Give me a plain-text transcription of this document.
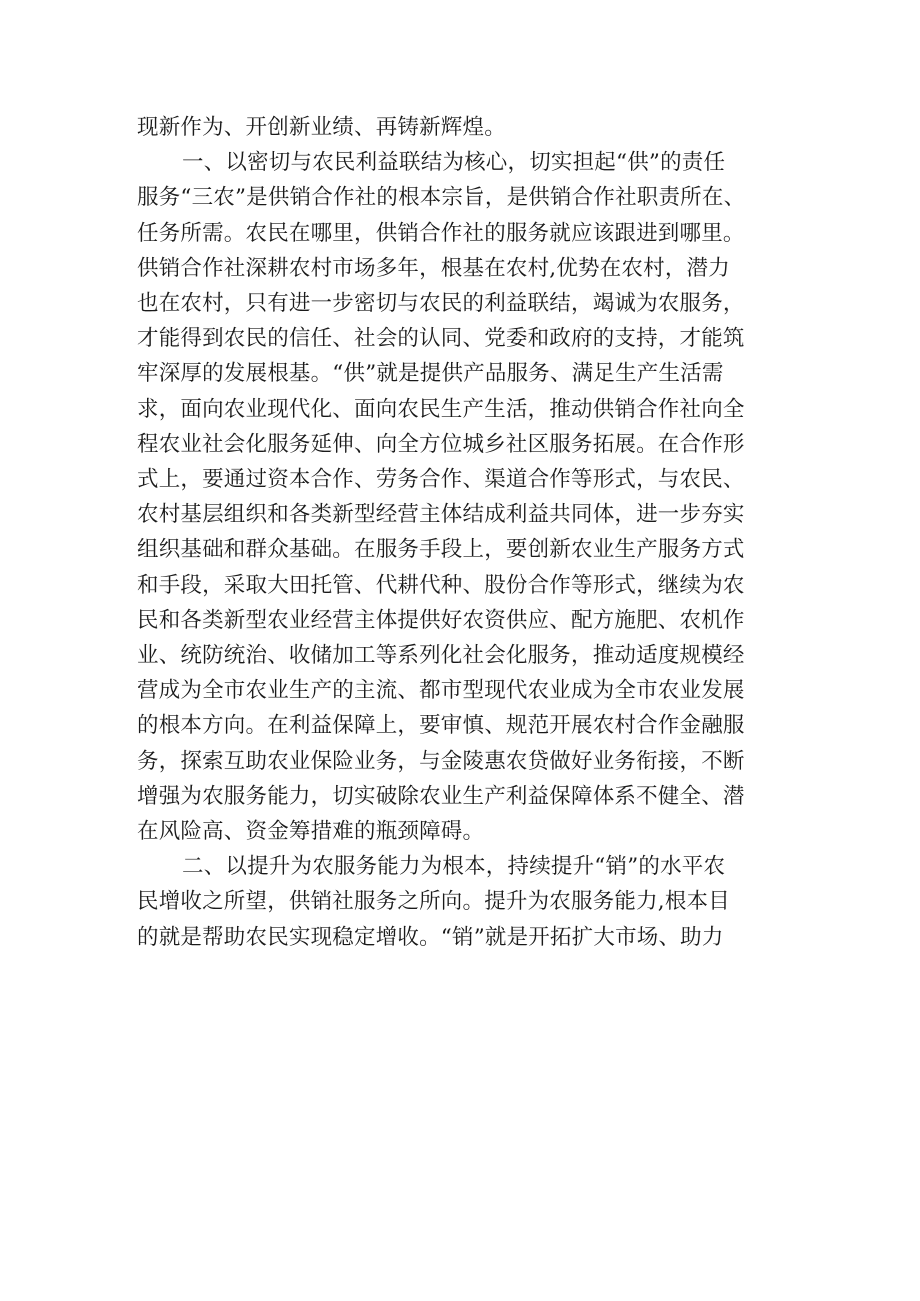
现新作为、开创新业绩、再铸新辉煌。
一、以密切与农民利益联结为核心，切实担起“供”的责任
服务“三农”是供销合作社的根本宗旨，是供销合作社职责所在、
任务所需。农民在哪里，供销合作社的服务就应该跟进到哪里。
供销合作社深耕农村市场多年，根基在农村,优势在农村，潜力
也在农村，只有进一步密切与农民的利益联结，竭诚为农服务，
才能得到农民的信任、社会的认同、党委和政府的支持，才能筑
牢深厚的发展根基。“供”就是提供产品服务、满足生产生活需
求，面向农业现代化、面向农民生产生活，推动供销合作社向全
程农业社会化服务延伸、向全方位城乡社区服务拓展。在合作形
式上，要通过资本合作、劳务合作、渠道合作等形式，与农民、
农村基层组织和各类新型经营主体结成利益共同体，进一步夯实
组织基础和群众基础。在服务手段上，要创新农业生产服务方式
和手段，采取大田托管、代耕代种、股份合作等形式，继续为农
民和各类新型农业经营主体提供好农资供应、配方施肥、农机作
业、统防统治、收储加工等系列化社会化服务，推动适度规模经
营成为全市农业生产的主流、都市型现代农业成为全市农业发展
的根本方向。在利益保障上，要审慎、规范开展农村合作金融服
务，探索互助农业保险业务，与金陵惠农贷做好业务衔接，不断
增强为农服务能力，切实破除农业生产利益保障体系不健全、潜
在风险高、资金筹措难的瓶颈障碍。
二、以提升为农服务能力为根本，持续提升“销”的水平农
民增收之所望，供销社服务之所向。提升为农服务能力,根本目
的就是帮助农民实现稳定增收。“销”就是开拓扩大市场、助力
